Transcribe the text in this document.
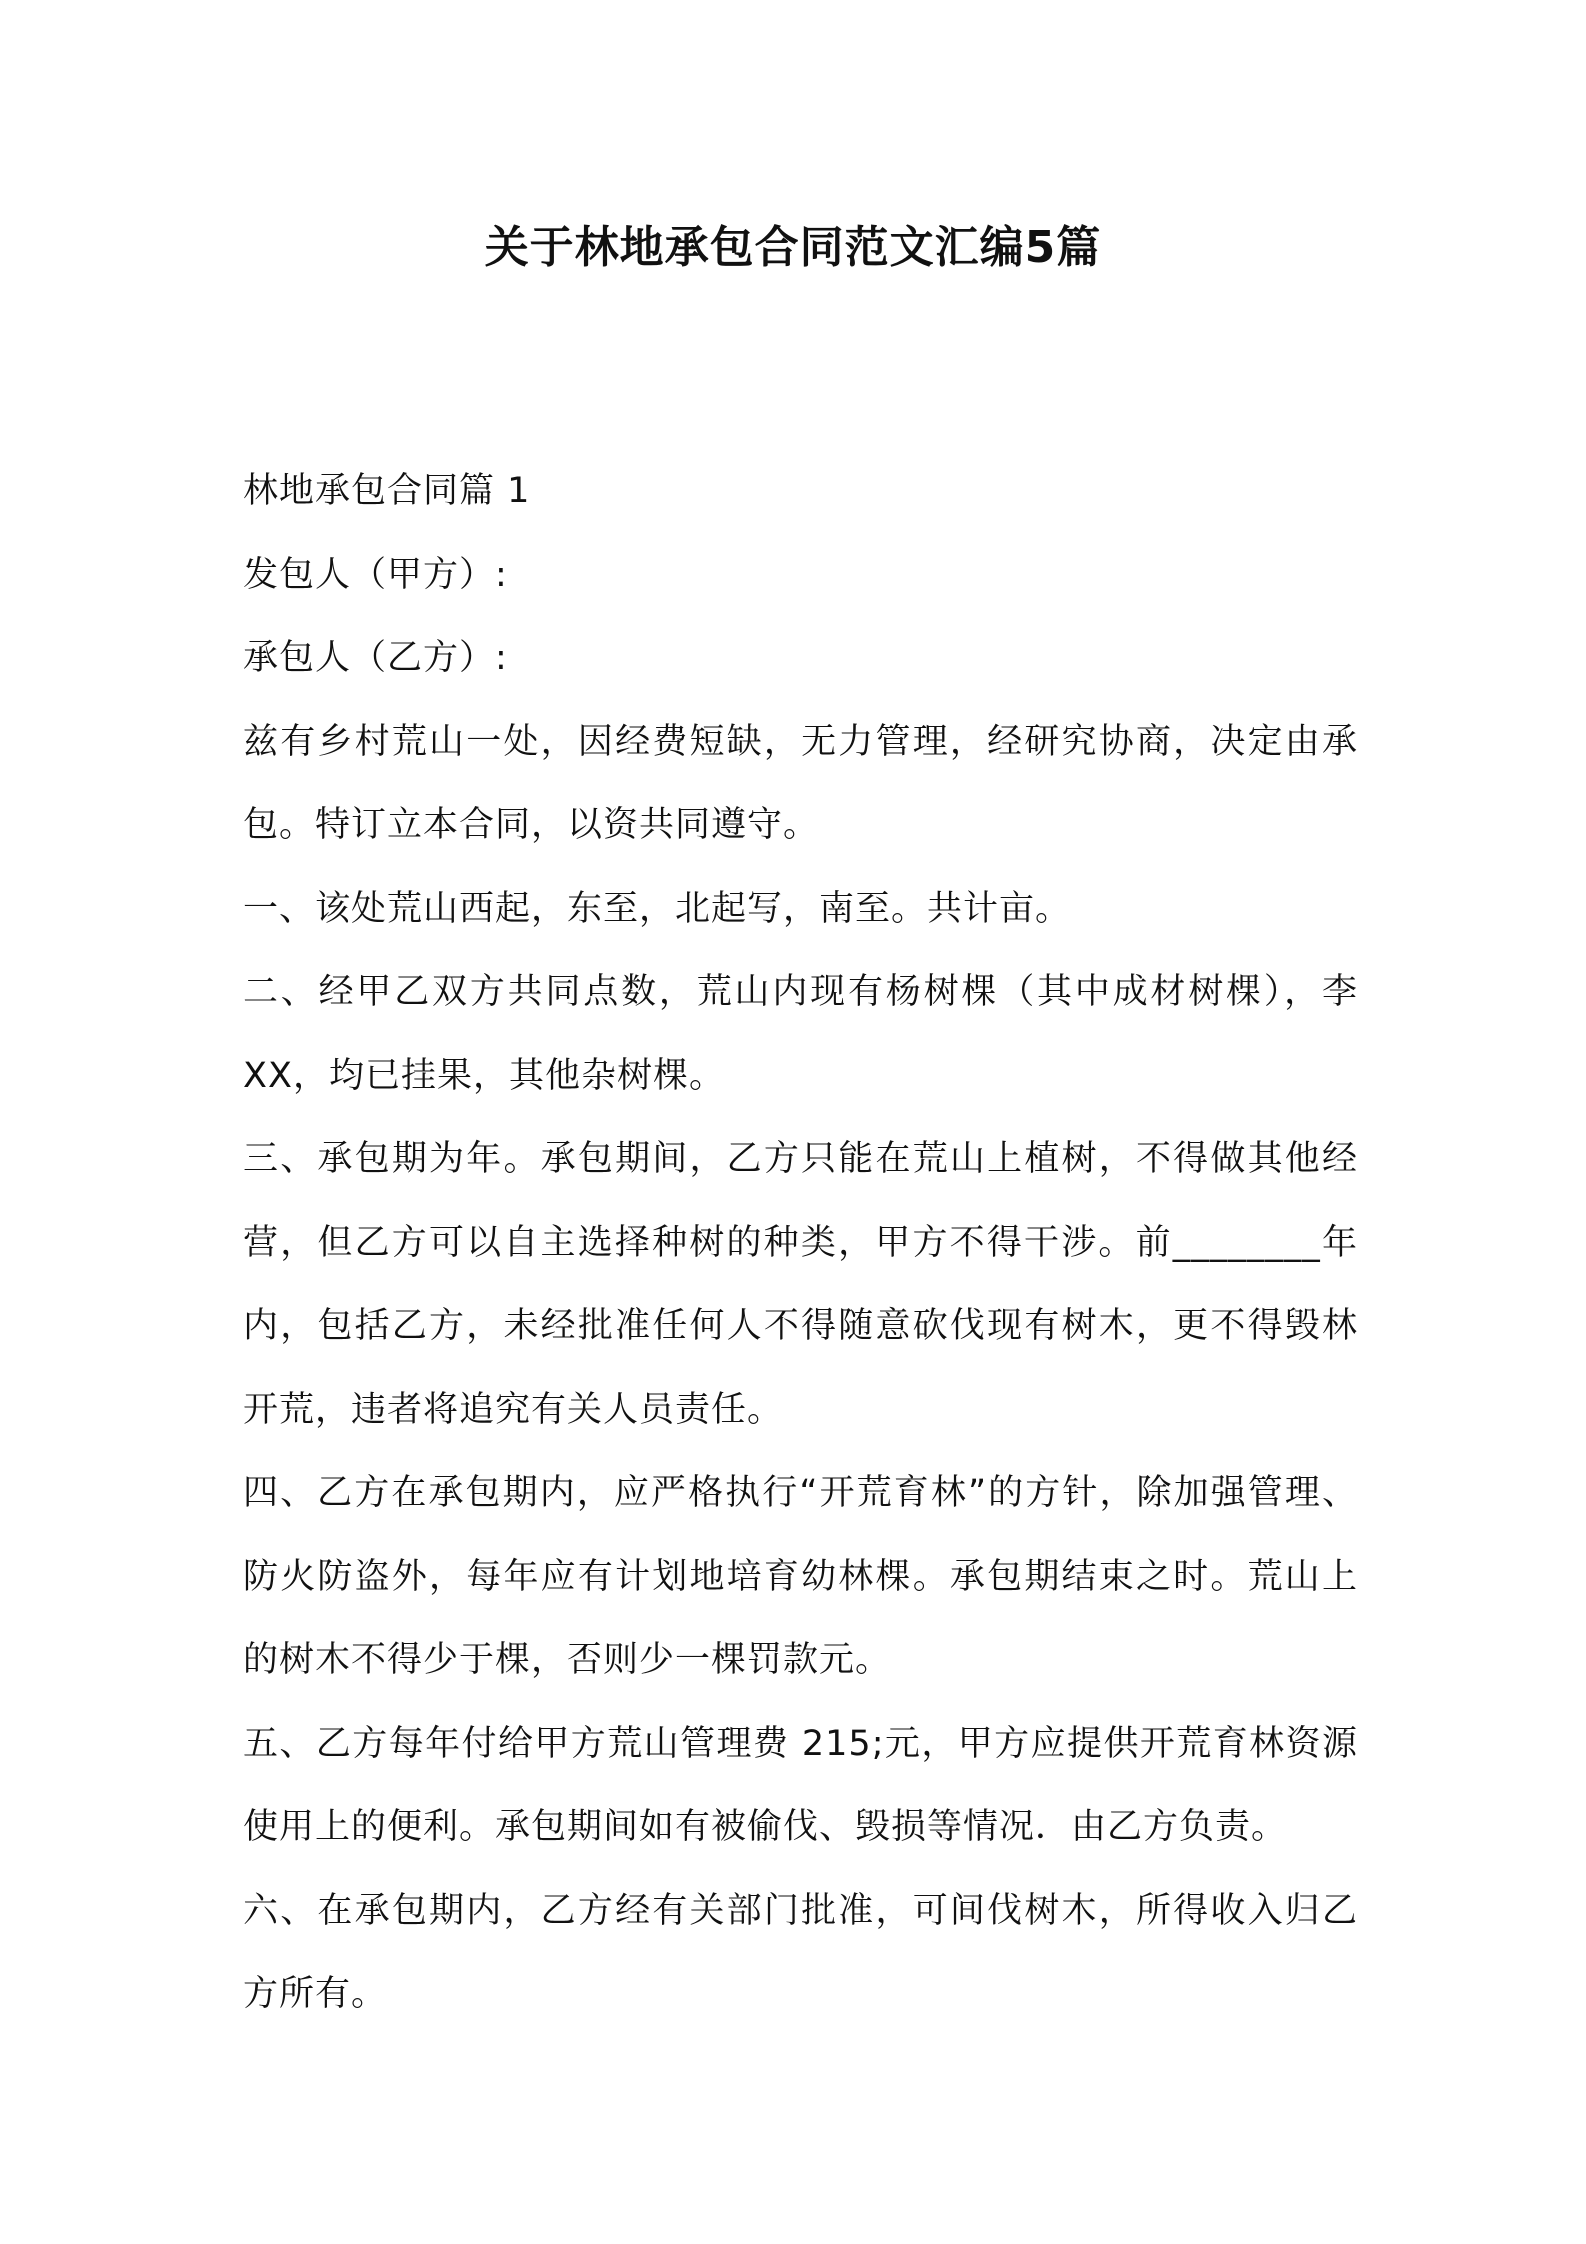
关于林地承包合同范文汇编5篇

林地承包合同篇 1

发包人（甲方）:

承包人（乙方）:

兹有乡村荒山一处，因经费短缺，无力管理，经研究协商，决定由承包。特订立本合同，以资共同遵守。

一、该处荒山西起，东至，北起写，南至。共计亩。

二、经甲乙双方共同点数，荒山内现有杨树棵（其中成材树棵），李XX，均已挂果，其他杂树棵。

三、承包期为年。承包期间，乙方只能在荒山上植树，不得做其他经营，但乙方可以自主选择种树的种类，甲方不得干涉。前________年内，包括乙方，未经批准任何人不得随意砍伐现有树木，更不得毁林开荒，违者将追究有关人员责任。

四、乙方在承包期内，应严格执行“开荒育林”的方针，除加强管理、防火防盗外，每年应有计划地培育幼林棵。承包期结束之时。荒山上的树木不得少于棵，否则少一棵罚款元。

五、乙方每年付给甲方荒山管理费 215;元，甲方应提供开荒育林资源使用上的便利。承包期间如有被偷伐、毁损等情况．由乙方负责。

六、在承包期内，乙方经有关部门批准，可间伐树木，所得收入归乙方所有。
